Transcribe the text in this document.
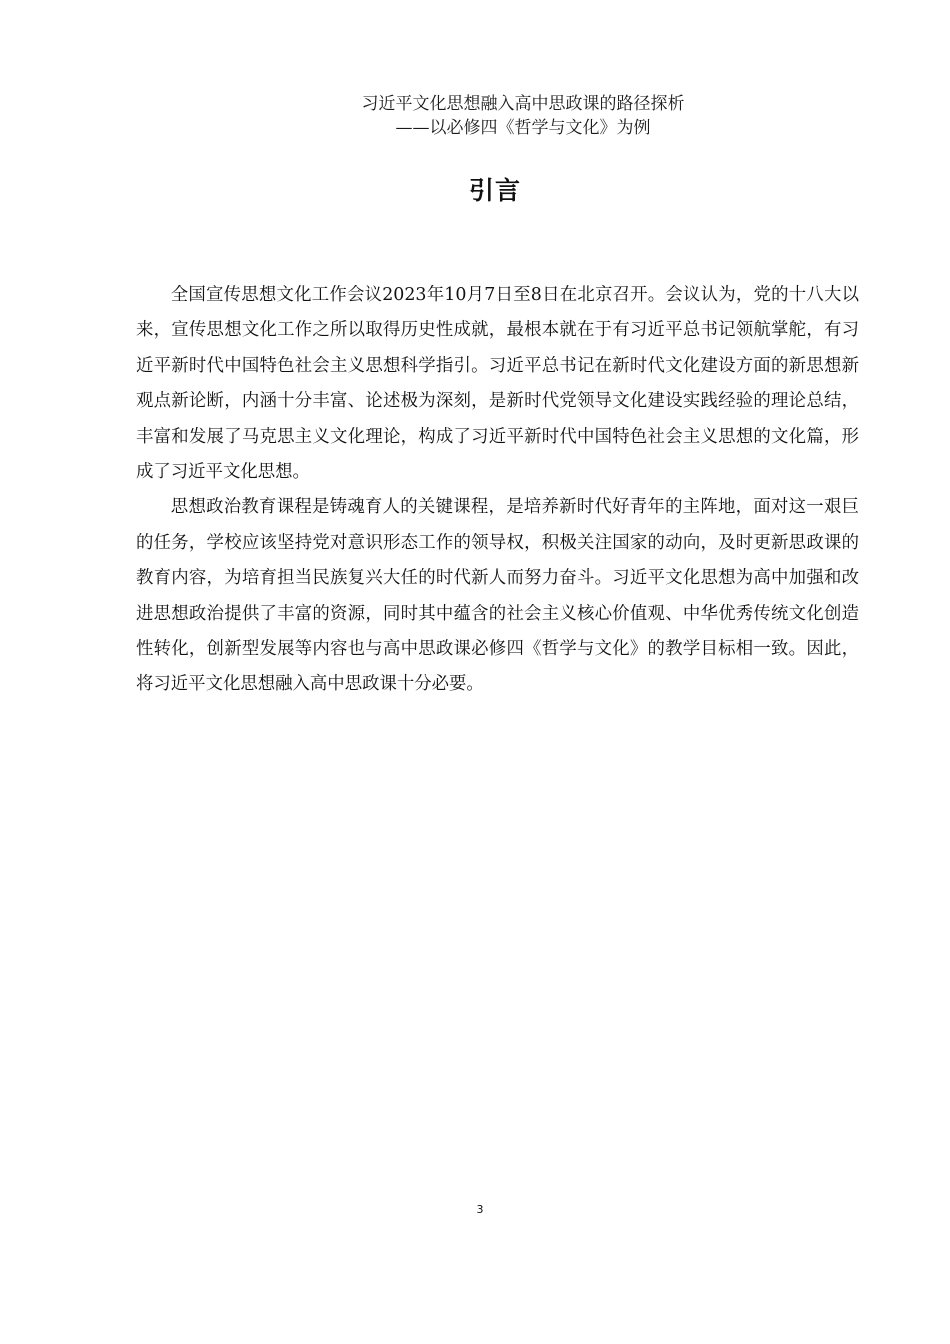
习近平文化思想融入高中思政课的路径探析
——以必修四《哲学与文化》为例
引言

全国宣传思想文化工作会议2023年10月7日至8日在北京召开。会议认为，党的十八大以来，宣传思想文化工作之所以取得历史性成就，最根本就在于有习近平总书记领航掌舵，有习近平新时代中国特色社会主义思想科学指引。习近平总书记在新时代文化建设方面的新思想新观点新论断，内涵十分丰富、论述极为深刻，是新时代党领导文化建设实践经验的理论总结，丰富和发展了马克思主义文化理论，构成了习近平新时代中国特色社会主义思想的文化篇，形成了习近平文化思想。

思想政治教育课程是铸魂育人的关键课程，是培养新时代好青年的主阵地，面对这一艰巨的任务，学校应该坚持党对意识形态工作的领导权，积极关注国家的动向，及时更新思政课的教育内容，为培育担当民族复兴大任的时代新人而努力奋斗。习近平文化思想为高中加强和改进思想政治提供了丰富的资源，同时其中蕴含的社会主义核心价值观、中华优秀传统文化创造性转化，创新型发展等内容也与高中思政课必修四《哲学与文化》的教学目标相一致。因此，将习近平文化思想融入高中思政课十分必要。

3
